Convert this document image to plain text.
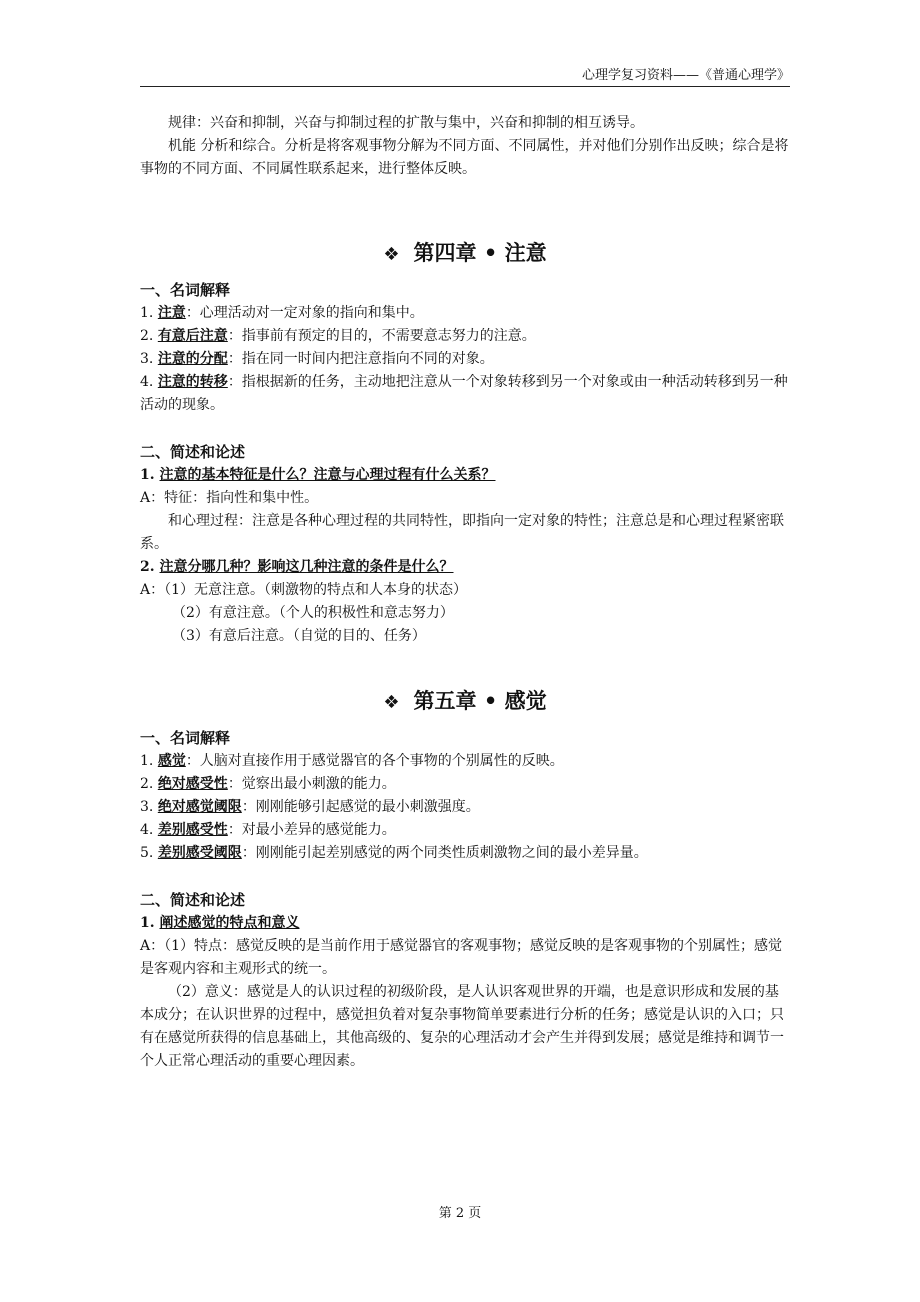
心理学复习资料——《普通心理学》

规律：兴奋和抑制，兴奋与抑制过程的扩散与集中，兴奋和抑制的相互诱导。

机能 分析和综合。分析是将客观事物分解为不同方面、不同属性，并对他们分别作出反映；综合是将事物的不同方面、不同属性联系起来，进行整体反映。

❖ 第四章 • 注意

一、名词解释

1. 注意：心理活动对一定对象的指向和集中。

2. 有意后注意：指事前有预定的目的，不需要意志努力的注意。

3. 注意的分配：指在同一时间内把注意指向不同的对象。

4. 注意的转移：指根据新的任务，主动地把注意从一个对象转移到另一个对象或由一种活动转移到另一种活动的现象。

二、简述和论述

1. 注意的基本特征是什么？注意与心理过程有什么关系？

A：特征：指向性和集中性。

和心理过程：注意是各种心理过程的共同特性，即指向一定对象的特性；注意总是和心理过程紧密联系。

2. 注意分哪几种？影响这几种注意的条件是什么？

A：（1）无意注意。（刺激物的特点和人本身的状态）

（2）有意注意。（个人的积极性和意志努力）

（3）有意后注意。（自觉的目的、任务）

❖ 第五章 • 感觉

一、名词解释

1. 感觉：人脑对直接作用于感觉器官的各个事物的个别属性的反映。

2. 绝对感受性：觉察出最小刺激的能力。

3. 绝对感觉阈限：刚刚能够引起感觉的最小刺激强度。

4. 差别感受性：对最小差异的感觉能力。

5. 差别感受阈限：刚刚能引起差别感觉的两个同类性质刺激物之间的最小差异量。

二、简述和论述

1. 阐述感觉的特点和意义

A：（1）特点：感觉反映的是当前作用于感觉器官的客观事物；感觉反映的是客观事物的个别属性；感觉是客观内容和主观形式的统一。

（2）意义：感觉是人的认识过程的初级阶段，是人认识客观世界的开端，也是意识形成和发展的基本成分；在认识世界的过程中，感觉担负着对复杂事物简单要素进行分析的任务；感觉是认识的入口；只有在感觉所获得的信息基础上，其他高级的、复杂的心理活动才会产生并得到发展；感觉是维持和调节一个人正常心理活动的重要心理因素。

第 2 页
